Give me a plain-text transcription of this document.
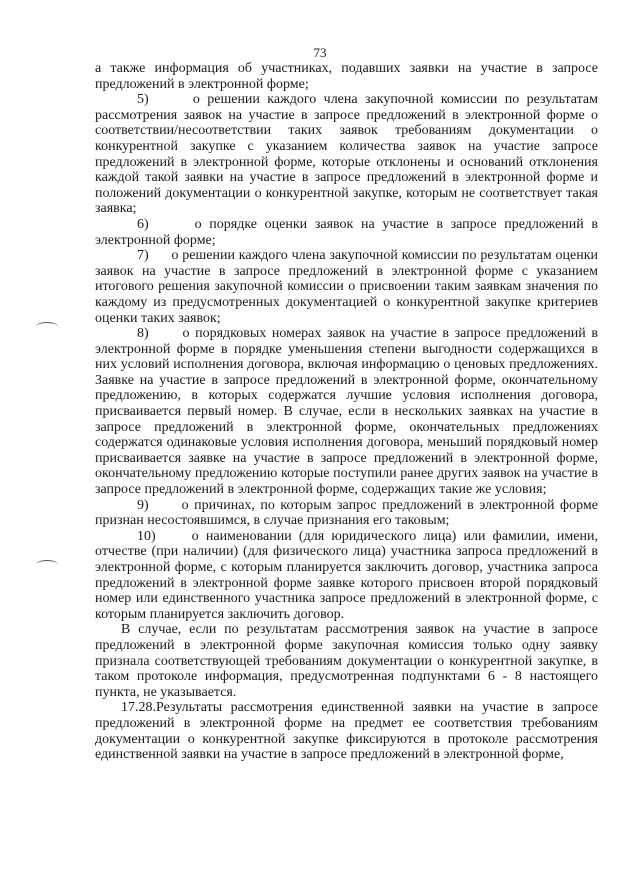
73

а также информация об участниках, подавших заявки на участие в запросе предложений в электронной форме;

5)      о решении каждого члена закупочной комиссии по результатам рассмотрения заявок на участие в запросе предложений в электронной форме о соответствии/несоответствии таких заявок требованиям документации о конкурентной закупке с указанием количества заявок на участие запросе предложений в электронной форме, которые отклонены и оснований отклонения каждой такой заявки на участие в запросе предложений в электронной форме и положений документации о конкурентной закупке, которым не соответствует такая заявка;

6)      о порядке оценки заявок на участие в запросе предложений в электронной форме;

7)      о решении каждого члена закупочной комиссии по результатам оценки заявок на участие в запросе предложений в электронной форме с указанием итогового решения закупочной комиссии о присвоении таким заявкам значения по каждому из предусмотренных документацией о конкурентной закупке критериев оценки таких заявок;

8)      о порядковых номерах заявок на участие в запросе предложений в электронной форме в порядке уменьшения степени выгодности содержащихся в них условий исполнения договора, включая информацию о ценовых предложениях. Заявке на участие в запросе предложений в электронной форме, окончательному предложению, в которых содержатся лучшие условия исполнения договора, присваивается первый номер. В случае, если в нескольких заявках на участие в запросе предложений в электронной форме, окончательных предложениях содержатся одинаковые условия исполнения договора, меньший порядковый номер присваивается заявке на участие в запросе предложений в электронной форме, окончательному предложению которые поступили ранее других заявок на участие в запросе предложений в электронной форме, содержащих такие же условия;

9)      о причинах, по которым запрос предложений в электронной форме признан несостоявшимся, в случае признания его таковым;

10)     о наименовании (для юридического лица) или фамилии, имени, отчестве (при наличии) (для физического лица) участника запроса предложений в электронной форме, с которым планируется заключить договор, участника запроса предложений в электронной форме заявке которого присвоен второй порядковый номер или единственного участника запросе предложений в электронной форме, с которым планируется заключить договор.

В случае, если по результатам рассмотрения заявок на участие в запросе предложений в электронной форме закупочная комиссия только одну заявку признала соответствующей требованиям документации о конкурентной закупке, в таком протоколе информация, предусмотренная подпунктами 6 - 8 настоящего пункта, не указывается.

17.28.Результаты рассмотрения единственной заявки на участие в запросе предложений в электронной форме на предмет ее соответствия требованиям документации о конкурентной закупке фиксируются в протоколе рассмотрения единственной заявки на участие в запросе предложений в электронной форме,
